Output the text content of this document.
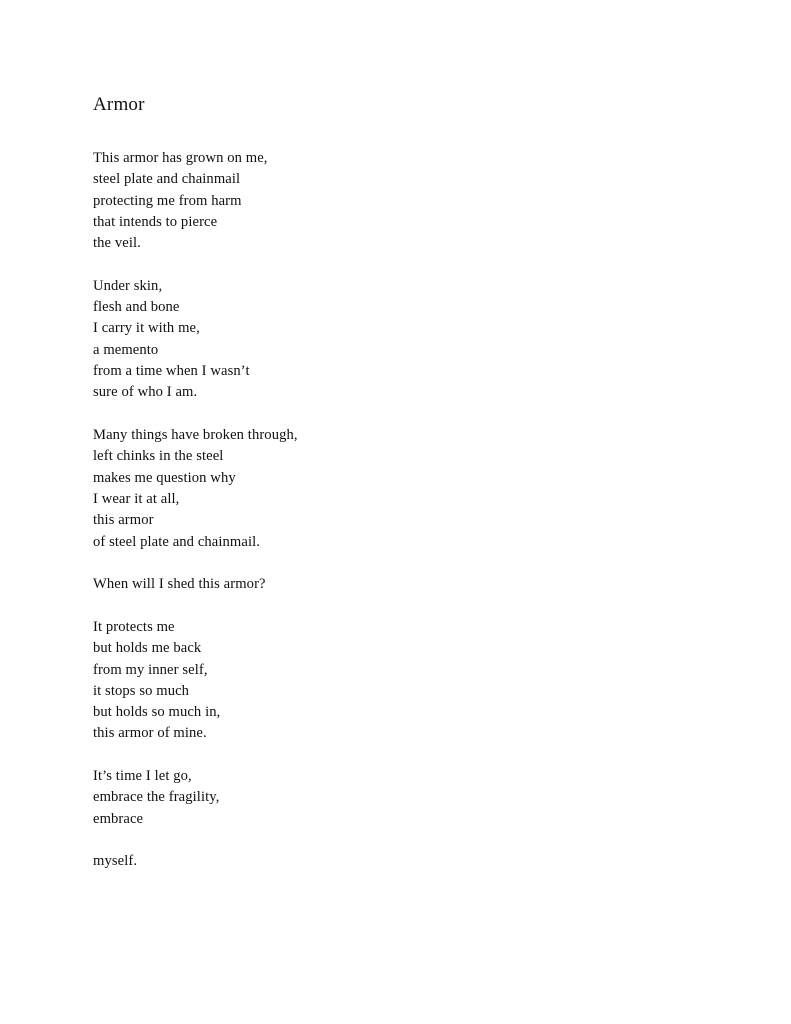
Armor
This armor has grown on me,
steel plate and chainmail
protecting me from harm
that intends to pierce
the veil.
Under skin,
flesh and bone
I carry it with me,
a memento
from a time when I wasn’t
sure of who I am.
Many things have broken through,
left chinks in the steel
makes me question why
I wear it at all,
this armor
of steel plate and chainmail.
When will I shed this armor?
It protects me
but holds me back
from my inner self,
it stops so much
but holds so much in,
this armor of mine.
It’s time I let go,
embrace the fragility,
embrace
myself.
